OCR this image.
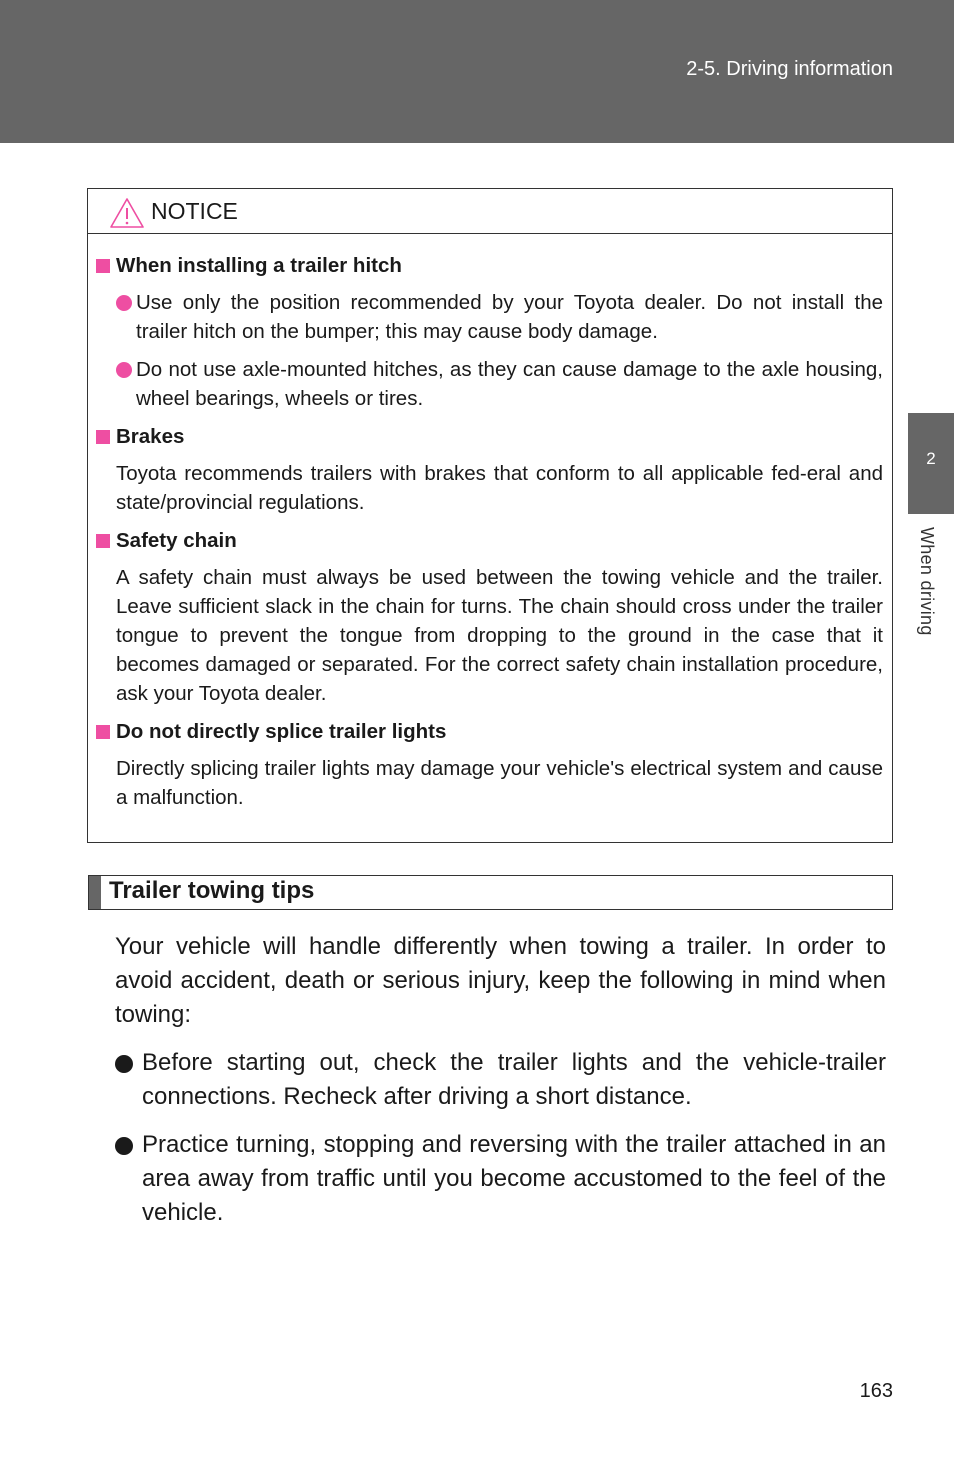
2-5. Driving information
2
When driving
NOTICE
When installing a trailer hitch
Use only the position recommended by your Toyota dealer. Do not install the trailer hitch on the bumper; this may cause body damage.
Do not use axle-mounted hitches, as they can cause damage to the axle housing, wheel bearings, wheels or tires.
Brakes
Toyota recommends trailers with brakes that conform to all applicable fed-eral and state/provincial regulations.
Safety chain
A safety chain must always be used between the towing vehicle and the trailer. Leave sufficient slack in the chain for turns. The chain should cross under the trailer tongue to prevent the tongue from dropping to the ground in the case that it becomes damaged or separated. For the correct safety chain installation procedure, ask your Toyota dealer.
Do not directly splice trailer lights
Directly splicing trailer lights may damage your vehicle's electrical system and cause a malfunction.
Trailer towing tips
Your vehicle will handle differently when towing a trailer. In order to avoid accident, death or serious injury, keep the following in mind when towing:
Before starting out, check the trailer lights and the vehicle-trailer connections. Recheck after driving a short distance.
Practice turning, stopping and reversing with the trailer attached in an area away from traffic until you become accustomed to the feel of the vehicle.
163
